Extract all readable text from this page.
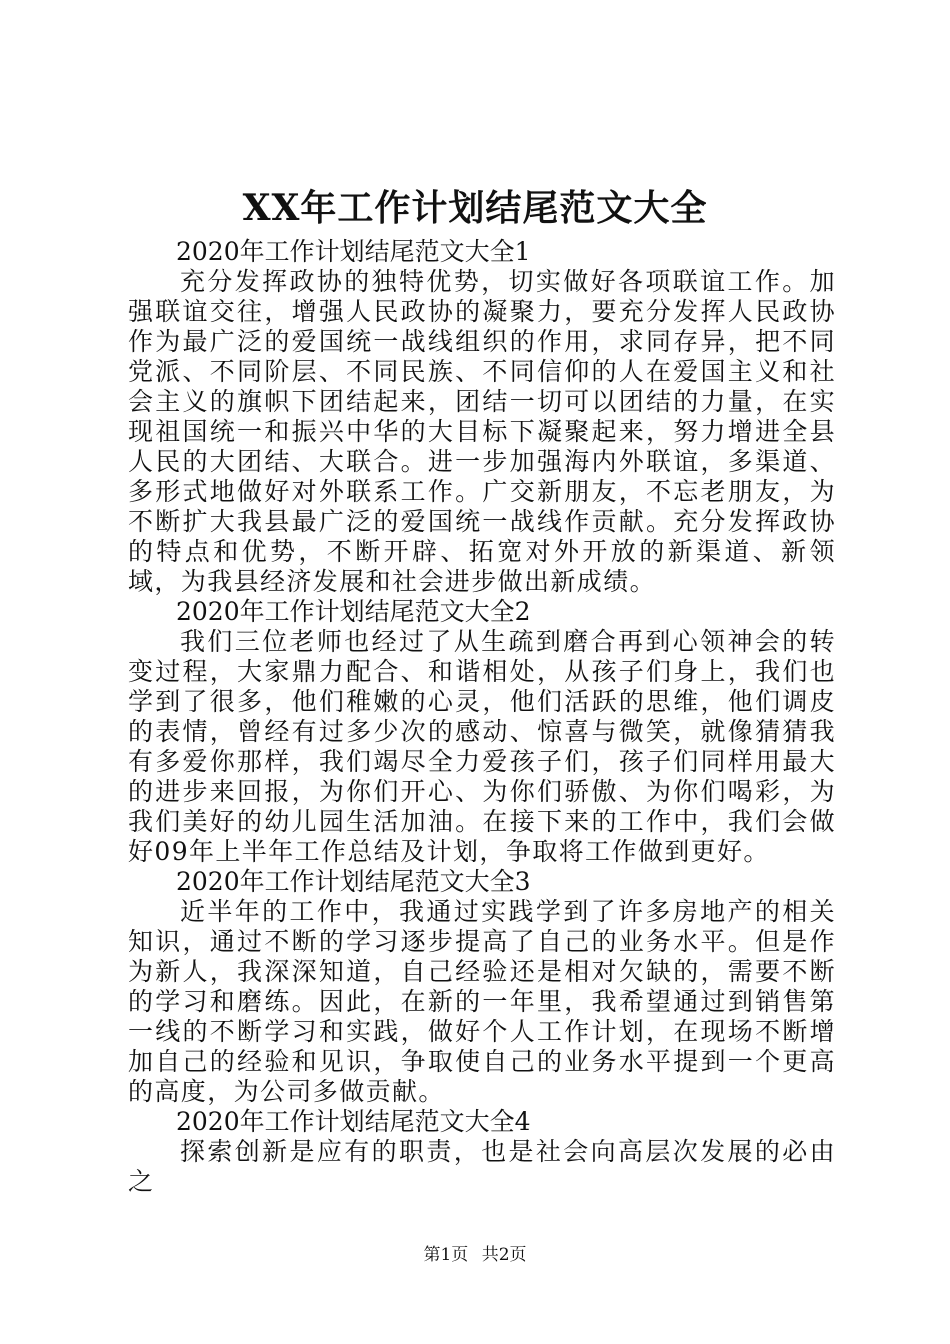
XX年工作计划结尾范文大全

2020年工作计划结尾范文大全1

充分发挥政协的独特优势，切实做好各项联谊工作。加强联谊交往，增强人民政协的凝聚力，要充分发挥人民政协作为最广泛的爱国统一战线组织的作用，求同存异，把不同党派、不同阶层、不同民族、不同信仰的人在爱国主义和社会主义的旗帜下团结起来，团结一切可以团结的力量，在实现祖国统一和振兴中华的大目标下凝聚起来，努力增进全县人民的大团结、大联合。进一步加强海内外联谊，多渠道、多形式地做好对外联系工作。广交新朋友，不忘老朋友，为不断扩大我县最广泛的爱国统一战线作贡献。充分发挥政协的特点和优势，不断开辟、拓宽对外开放的新渠道、新领域，为我县经济发展和社会进步做出新成绩。

2020年工作计划结尾范文大全2

我们三位老师也经过了从生疏到磨合再到心领神会的转变过程，大家鼎力配合、和谐相处，从孩子们身上，我们也学到了很多，他们稚嫩的心灵，他们活跃的思维，他们调皮的表情，曾经有过多少次的感动、惊喜与微笑，就像猜猜我有多爱你那样，我们竭尽全力爱孩子们，孩子们同样用最大的进步来回报，为你们开心、为你们骄傲、为你们喝彩，为我们美好的幼儿园生活加油。在接下来的工作中，我们会做好09年上半年工作总结及计划，争取将工作做到更好。

2020年工作计划结尾范文大全3

近半年的工作中，我通过实践学到了许多房地产的相关知识，通过不断的学习逐步提高了自己的业务水平。但是作为新人，我深深知道，自己经验还是相对欠缺的，需要不断的学习和磨练。因此，在新的一年里，我希望通过到销售第一线的不断学习和实践，做好个人工作计划，在现场不断增加自己的经验和见识，争取使自己的业务水平提到一个更高的高度，为公司多做贡献。

2020年工作计划结尾范文大全4

探索创新是应有的职责，也是社会向高层次发展的必由之

第1页 共2页
